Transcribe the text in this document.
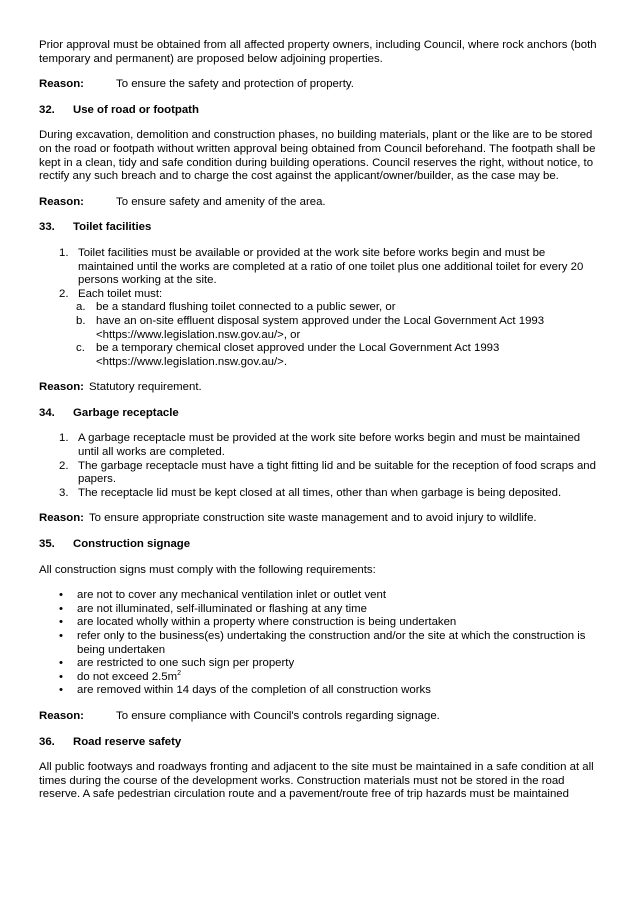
Prior approval must be obtained from all affected property owners, including Council, where rock anchors (both temporary and permanent) are proposed below adjoining properties.

Reason:	To ensure the safety and protection of property.
32.	Use of road or footpath

During excavation, demolition and construction phases, no building materials, plant or the like are to be stored on the road or footpath without written approval being obtained from Council beforehand. The footpath shall be kept in a clean, tidy and safe condition during building operations. Council reserves the right, without notice, to rectify any such breach and to charge the cost against the applicant/owner/builder, as the case may be.

Reason:	To ensure safety and amenity of the area.
33.	Toilet facilities
1. Toilet facilities must be available or provided at the work site before works begin and must be maintained until the works are completed at a ratio of one toilet plus one additional toilet for every 20 persons working at the site.
2. Each toilet must:
a. be a standard flushing toilet connected to a public sewer, or
b. have an on-site effluent disposal system approved under the Local Government Act 1993 <https://www.legislation.nsw.gov.au/>, or
c. be a temporary chemical closet approved under the Local Government Act 1993 <https://www.legislation.nsw.gov.au/>.
Reason: Statutory requirement.
34.	Garbage receptacle
1. A garbage receptacle must be provided at the work site before works begin and must be maintained until all works are completed.
2. The garbage receptacle must have a tight fitting lid and be suitable for the reception of food scraps and papers.
3. The receptacle lid must be kept closed at all times, other than when garbage is being deposited.
Reason: To ensure appropriate construction site waste management and to avoid injury to wildlife.
35.	Construction signage

All construction signs must comply with the following requirements:

•	are not to cover any mechanical ventilation inlet or outlet vent
•	are not illuminated, self-illuminated or flashing at any time
•	are located wholly within a property where construction is being undertaken
•	refer only to the business(es) undertaking the construction and/or the site at which the construction is being undertaken
•	are restricted to one such sign per property
•	do not exceed $2.5m^2$
•	are removed within 14 days of the completion of all construction works
Reason:	To ensure compliance with Council's controls regarding signage.
36.	Road reserve safety

All public footways and roadways fronting and adjacent to the site must be maintained in a safe condition at all times during the course of the development works. Construction materials must not be stored in the road reserve. A safe pedestrian circulation route and a pavement/route free of trip hazards must be maintained
